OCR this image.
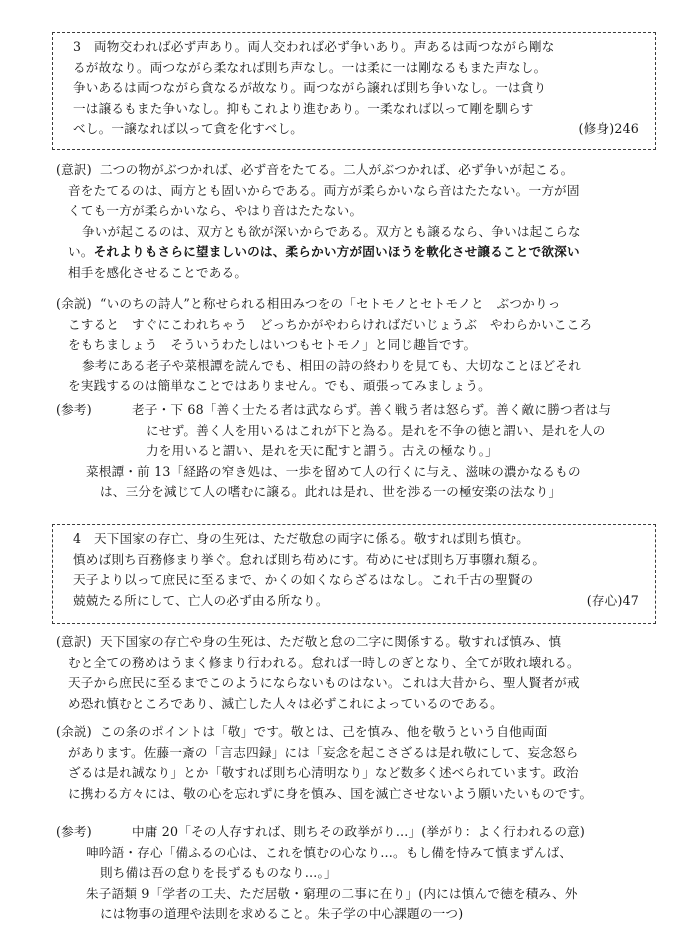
3　両物交われば必ず声あり。両人交われば必ず争いあり。声あるは両つながら剛な
るが故なり。両つながら柔なれば則ち声なし。一は柔に一は剛なるもまた声なし。
争いあるは両つながら貪なるが故なり。両つながら譲れば則ち争いなし。一は貪り
一は譲るもまた争いなし。抑もこれより進むあり。一柔なれば以って剛を馴らす
べし。一譲なれば以って貪を化すべし。	(修身)246
(意訳) 二つの物がぶつかれば、必ず音をたてる。二人がぶつかれば、必ず争いが起こる。
音をたてるのは、両方とも固いからである。両方が柔らかいなら音はたたない。一方が固
くても一方が柔らかいなら、やはり音はたたない。
争いが起こるのは、双方とも欲が深いからである。双方とも譲るなら、争いは起こらな
い。それよりもさらに望ましいのは、柔らかい方が固いほうを軟化させ譲ることで欲深い
相手を感化させることである。
(余説) “いのちの詩人”と称せられる相田みつをの「セトモノとセトモノと　ぶつかりっ
こすると　すぐにこわれちゃう　どっちかがやわらければだいじょうぶ　やわらかいこころ
をもちましょう　そういうわたしはいつもセトモノ」と同じ趣旨です。
参考にある老子や菜根譚を読んでも、相田の詩の終わりを見ても、大切なことほどそれ
を実践するのは簡単なことではありません。でも、頑張ってみましょう。
(参考)	老子・下 68「善く士たる者は武ならず。善く戦う者は怒らず。善く敵に勝つ者は与
にせず。善く人を用いるはこれが下と為る。是れを不争の徳と謂い、是れを人の
力を用いると謂い、是れを天に配すと謂う。古えの極なり。」
菜根譚・前 13「経路の窄き処は、一歩を留めて人の行くに与え、滋味の濃かなるもの
は、三分を減じて人の嗜むに譲る。此れは是れ、世を渉る一の極安楽の法なり」
4　天下国家の存亡、身の生死は、ただ敬怠の両字に係る。敬すれば則ち慎む。
慎めば則ち百務修まり挙ぐ。怠れば則ち苟めにす。苟めにせば則ち万事隳れ頽る。
天子より以って庶民に至るまで、かくの如くならざるはなし。これ千古の聖賢の
兢兢たる所にして、亡人の必ず由る所なり。	(存心)47
(意訳) 天下国家の存亡や身の生死は、ただ敬と怠の二字に関係する。敬すれば慎み、慎
むと全ての務めはうまく修まり行われる。怠れば一時しのぎとなり、全てが敗れ壊れる。
天子から庶民に至るまでこのようにならないものはない。これは大昔から、聖人賢者が戒
め恐れ慎むところであり、滅亡した人々は必ずこれによっているのである。
(余説) この条のポイントは「敬」です。敬とは、己を慎み、他を敬うという自他両面
があります。佐藤一斎の「言志四録」には「妄念を起こさざるは是れ敬にして、妄念怒ら
ざるは是れ誠なり」とか「敬すれば則ち心清明なり」など数多く述べられています。政治
に携わる方々には、敬の心を忘れずに身を慎み、国を滅亡させないよう願いたいものです。
(参考)	中庸 20「その人存すれば、則ちその政挙がり…」(挙がり：よく行われるの意)
呻吟語・存心「備ふるの心は、これを慎むの心なり…。もし備を恃みて慎まずんば、
則ち備は吾の怠りを長ずるものなり…。」
朱子語類 9「学者の工夫、ただ居敬・窮理の二事に在り」(内には慎んで徳を積み、外
には物事の道理や法則を求めること。朱子学の中心課題の一つ)
